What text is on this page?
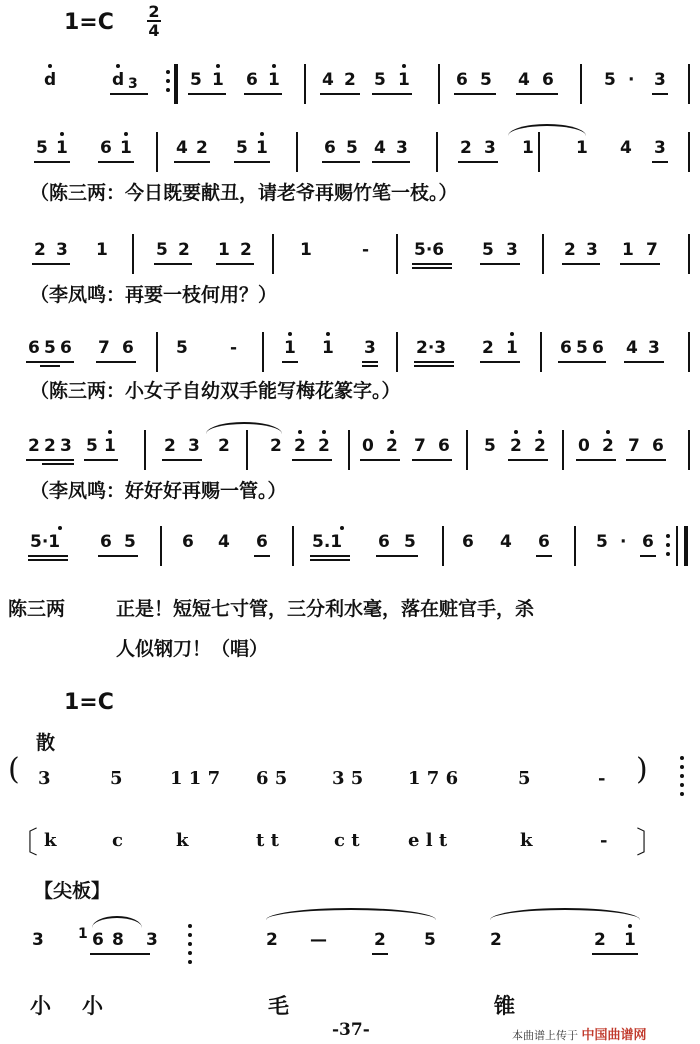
1=C 2
4
d	d 3	5 1 6 1 4 2 5 1	6 5 4 6	5 · 3
5 1 6 1	4 2 5 1	6 5 4 3	2 3 1 1 4 3
（陈三两：今日既要献丑，请老爷再赐竹笔一枝。）
2 3 1	5 2 1 2	1	-	5·6 5 3	2 3 1 7
（李凤鸣：再要一枝何用？）
6 5 6 7 6 5 -	1 1 3 2·3 2 1 6 5 6 4 3
（陈三两：小女子自幼双手能写梅花篆字。）
2 2 3 5 1	2 3 2 2 2 2 0 2 7 6 5 2 2 0 2 7 6
（李凤鸣：好好好再赐一管。）
5·1 6 5	6 4 6	5.1 6 5	6 4 6	5 · 6
陈三两	正是！短短七寸管，三分利水毫，落在赃官手，杀
人似钢刀！（唱）
1=C
散
( 3	5	1 1 7 6 5 3 5 1 7 6	5	- )
〔 k	c	k	t t	c t	e l t	k	- 〕
【尖板】
3 1 6 8 3	2 —	2 5	2	2 1
小 小	毛	锥
-37-	本曲谱上传于 中国曲谱网
